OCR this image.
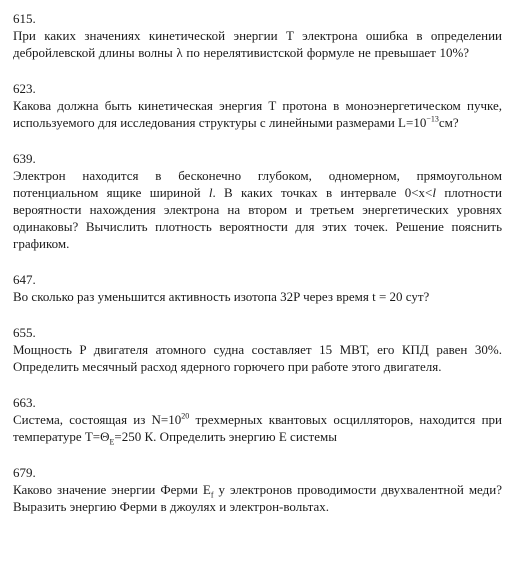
615.

При каких значениях кинетической энергии T электрона ошибка в определении дебройлевской длины волны λ по нерелятивистской формуле не превышает 10%?

623.

Какова должна быть кинетическая энергия T протона в моноэнергетическом пучке, используемого для исследования структуры с линейными размерами $L=10^{-13}см$?

639.

Электрон находится в бесконечно глубоком, одномерном, прямоугольном потенциальном ящике шириной l. В каких точках в интервале 0<x<l плотности вероятности нахождения электрона на втором и третьем энергетических уровнях одинаковы? Вычислить плотность вероятности для этих точек. Решение пояснить графиком.

647.

Во сколько раз уменьшится активность изотопа 32P через время t = 20 сут?

655.

Мощность P двигателя атомного судна составляет 15 МВТ, его КПД равен 30%. Определить месячный расход ядерного горючего при работе этого двигателя.

663.

Система, состоящая из $N=10^{20}$ трехмерных квантовых осцилляторов, находится при температуре $T=\Theta_E=250$ К. Определить энергию E системы

679.

Каково значение энергии Ферми $E_f$ у электронов проводимости двухвалентной меди? Выразить энергию Ферми в джоулях и электрон-вольтах.
